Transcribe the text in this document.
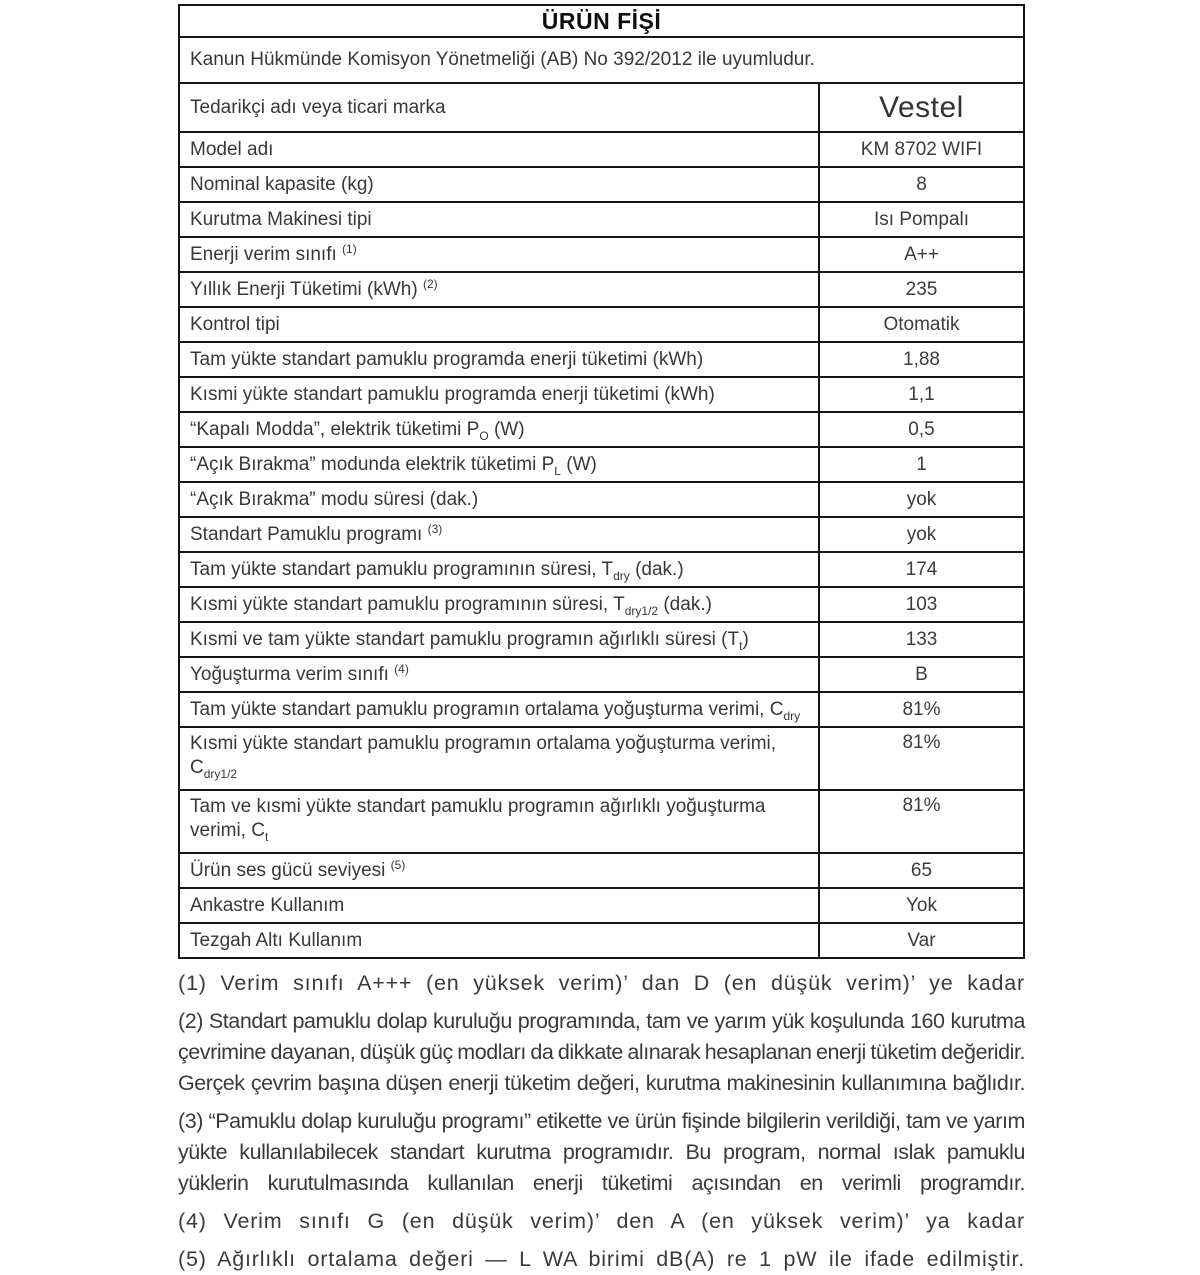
ÜRÜN FİŞİ	
Kanun Hükmünde Komisyon Yönetmeliği (AB) No 392/2012 ile uyumludur.	
Tedarikçi adı veya ticari marka	Vestel
Model adı	KM 8702 WIFI
Nominal kapasite (kg)	8
Kurutma Makinesi tipi	Isı Pompalı
Enerji verim sınıfı $^{(1)}$	A++
Yıllık Enerji Tüketimi (kWh) $^{(2)}$	235
Kontrol tipi	Otomatik
Tam yükte standart pamuklu programda enerji tüketimi (kWh)	1,88
Kısmi yükte standart pamuklu programda enerji tüketimi (kWh)	1,1
“Kapalı Modda”, elektrik tüketimi $P_O$ (W)	0,5
“Açık Bırakma” modunda elektrik tüketimi $P_L$ (W)	1
“Açık Bırakma” modu süresi (dak.)	yok
Standart Pamuklu programı $^{(3)}$	yok
Tam yükte standart pamuklu programının süresi, $T_{dry}$ (dak.)	174
Kısmi yükte standart pamuklu programının süresi, $T_{dry1/2}$ (dak.)	103
Kısmi ve tam yükte standart pamuklu programın ağırlıklı süresi $(T_t)$	133
Yoğuşturma verim sınıfı $^{(4)}$	B
Tam yükte standart pamuklu programın ortalama yoğuşturma verimi, $C_{dry}$	81%
Kısmi yükte standart pamuklu programın ortalama yoğuşturma verimi, $C_{dry1/2}$	81%
Tam ve kısmi yükte standart pamuklu programın ağırlıklı yoğuşturma verimi, $C_t$	81%
Ürün ses gücü seviyesi $^{(5)}$	65
Ankastre Kullanım	Yok
Tezgah Altı Kullanım	Var

(1) Verim sınıfı A+++ (en yüksek verim)’ dan D (en düşük verim)’ ye kadar

(2) Standart pamuklu dolap kuruluğu programında, tam ve yarım yük koşulunda 160 kurutma çevrimine dayanan, düşük güç modları da dikkate alınarak hesaplanan enerji tüketim değeridir. Gerçek çevrim başına düşen enerji tüketim değeri, kurutma makinesinin kullanımına bağlıdır.

(3) “Pamuklu dolap kuruluğu programı” etikette ve ürün fişinde bilgilerin verildiği, tam ve yarım yükte kullanılabilecek standart kurutma programıdır. Bu program, normal ıslak pamuklu yüklerin kurutulmasında kullanılan enerji tüketimi açısından en verimli programdır.

(4) Verim sınıfı G (en düşük verim)’ den A (en yüksek verim)’ ya kadar

(5) Ağırlıklı ortalama değeri — L WA birimi dB(A) re 1 pW ile ifade edilmiştir.
